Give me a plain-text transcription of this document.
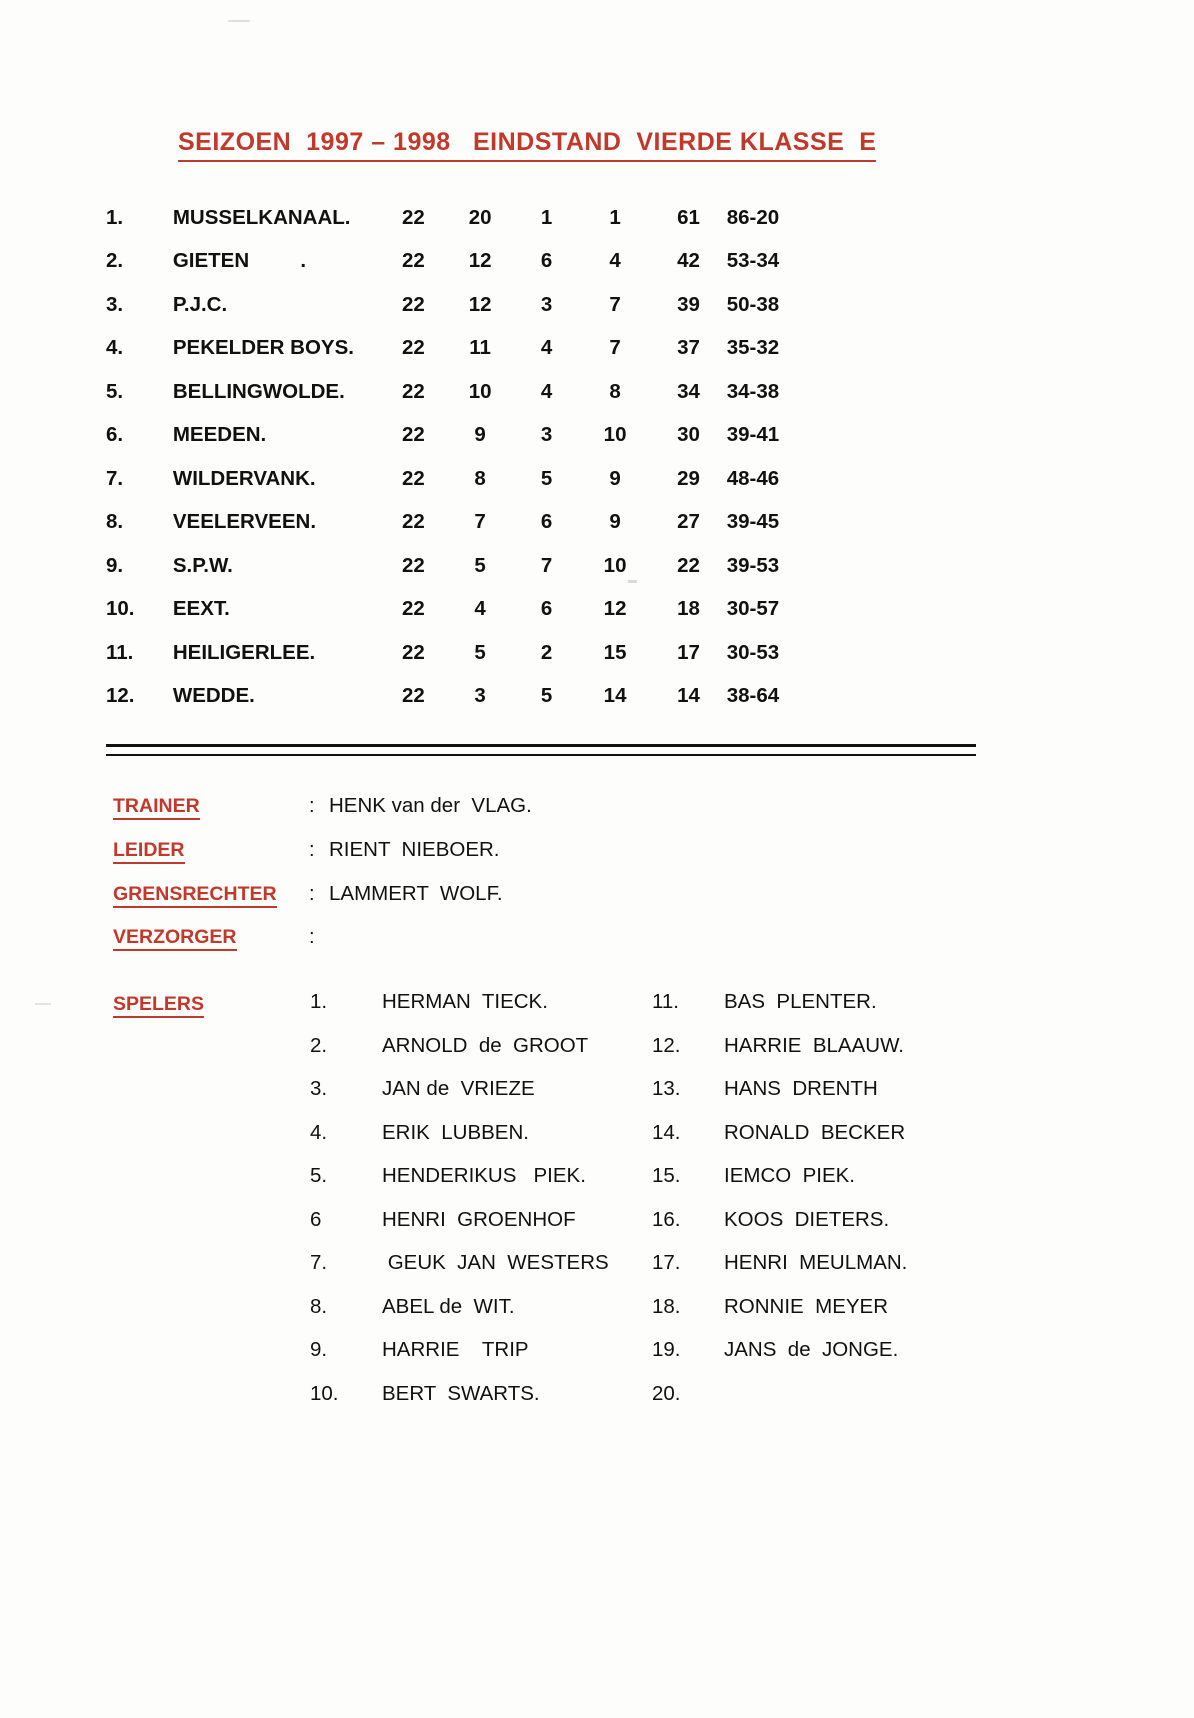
SEIZOEN  1997 – 1998   EINDSTAND  VIERDE KLASSE  E
1.	MUSSELKANAAL.	22	20	1	1	61	86-20
2.	GIETEN         .	22	12	6	4	42	53-34
3.	P.J.C.	22	12	3	7	39	50-38
4.	PEKELDER BOYS.	22	11	4	7	37	35-32
5.	BELLINGWOLDE.	22	10	4	8	34	34-38
6.	MEEDEN.	22	9	3	10	30	39-41
7.	WILDERVANK.	22	8	5	9	29	48-46
8.	VEELERVEEN.	22	7	6	9	27	39-45
9.	S.P.W.	22	5	7	10	22	39-53
10.	EEXT.	22	4	6	12	18	30-57
11.	HEILIGERLEE.	22	5	2	15	17	30-53
12.	WEDDE.	22	3	5	14	14	38-64
TRAINER	: HENK van der  VLAG.
LEIDER	: RIENT  NIEBOER.
GRENSRECHTER	: LAMMERT  WOLF.
VERZORGER	:
SPELERS	1.	HERMAN  TIECK.	11.	BAS  PLENTER.
2.	ARNOLD  de  GROOT	12.	HARRIE  BLAAUW.
3.	JAN de  VRIEZE	13.	HANS  DRENTH
4.	ERIK  LUBBEN.	14.	RONALD  BECKER
5.	HENDERIKUS   PIEK.	15.	IEMCO  PIEK.
6	HENRI  GROENHOF	16.	KOOS  DIETERS.
7.	GEUK  JAN  WESTERS	17.	HENRI  MEULMAN.
8.	ABEL de  WIT.	18.	RONNIE  MEYER
9.	HARRIE    TRIP	19.	JANS  de  JONGE.
10.	BERT  SWARTS.	20.
